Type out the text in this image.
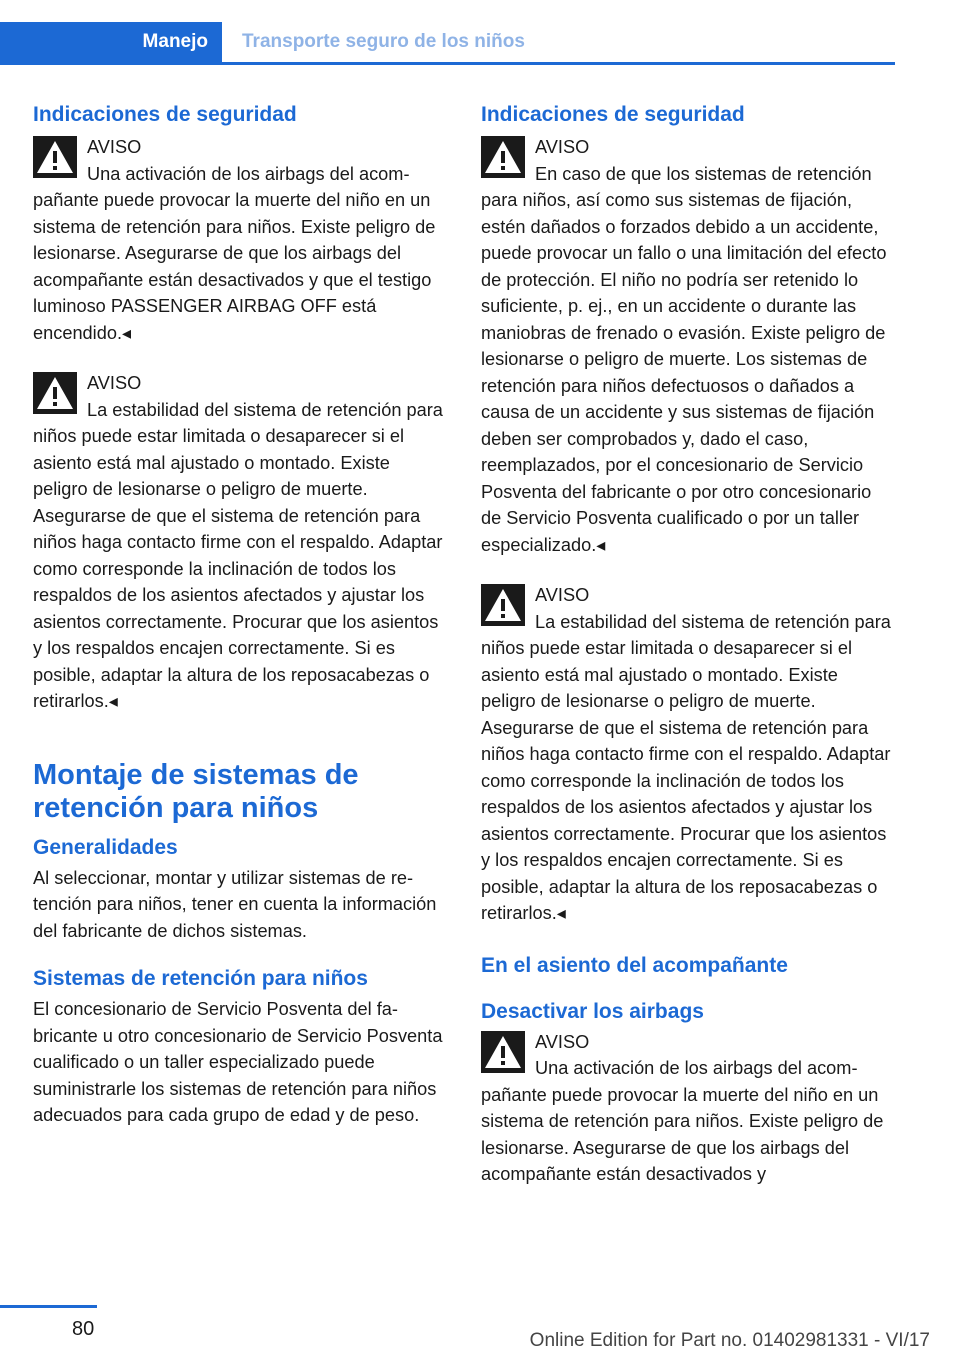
Manejo Transporte seguro de los niños
Indicaciones de seguridad

AVISO

Una activación de los airbags del acompañante puede provocar la muerte del niño en un sistema de retención para niños. Existe peligro de lesionarse. Asegurarse de que los airbags del acompañante están desactivados y que el testigo luminoso PASSENGER AIRBAG OFF está encendido.◂

AVISO

La estabilidad del sistema de retención para niños puede estar limitada o desaparecer si el asiento está mal ajustado o montado. Existe peligro de lesionarse o peligro de muerte. Asegurarse de que el sistema de retención para niños haga contacto firme con el respaldo. Adaptar como corresponde la inclinación de todos los respaldos de los asientos afectados y ajustar los asientos correctamente. Procurar que los asientos y los respaldos encajen correctamente. Si es posible, adaptar la altura de los reposacabezas o retirarlos.◂

Montaje de sistemas de retención para niños
Generalidades

Al seleccionar, montar y utilizar sistemas de retención para niños, tener en cuenta la información del fabricante de dichos sistemas.

Sistemas de retención para niños

El concesionario de Servicio Posventa del fabricante u otro concesionario de Servicio Posventa cualificado o un taller especializado puede suministrarle los sistemas de retención para niños adecuados para cada grupo de edad y de peso.

Indicaciones de seguridad

AVISO

En caso de que los sistemas de retención para niños, así como sus sistemas de fijación, estén dañados o forzados debido a un accidente, puede provocar un fallo o una limitación del efecto de protección. El niño no podría ser retenido lo suficiente, p. ej., en un accidente o durante las maniobras de frenado o evasión. Existe peligro de lesionarse o peligro de muerte. Los sistemas de retención para niños defectuosos o dañados a causa de un accidente y sus sistemas de fijación deben ser comprobados y, dado el caso, reemplazados, por el concesionario de Servicio Posventa del fabricante o por otro concesionario de Servicio Posventa cualificado o por un taller especializado.◂

AVISO

La estabilidad del sistema de retención para niños puede estar limitada o desaparecer si el asiento está mal ajustado o montado. Existe peligro de lesionarse o peligro de muerte. Asegurarse de que el sistema de retención para niños haga contacto firme con el respaldo. Adaptar como corresponde la inclinación de todos los respaldos de los asientos afectados y ajustar los asientos correctamente. Procurar que los asientos y los respaldos encajen correctamente. Si es posible, adaptar la altura de los reposacabezas o retirarlos.◂

En el asiento del acompañante
Desactivar los airbags

AVISO

Una activación de los airbags del acompañante puede provocar la muerte del niño en un sistema de retención para niños. Existe peligro de lesionarse. Asegurarse de que los airbags del acompañante están desactivados y

80
Online Edition for Part no. 01402981331 - VI/17
